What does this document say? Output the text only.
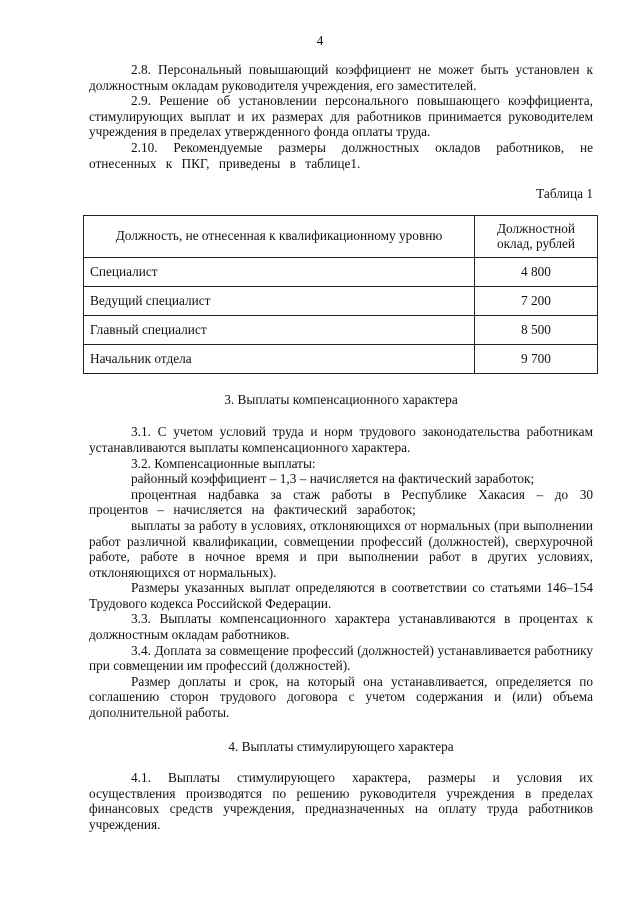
4

2.8. Персональный повышающий коэффициент не может быть установлен к должностным окладам руководителя учреждения, его заместителей.

2.9. Решение об установлении персонального повышающего коэффициента, стимулирующих выплат и их размерах для работников принимается руководителем учреждения в пределах утвержденного фонда оплаты труда.

2.10. Рекомендуемые размеры должностных окладов работников, не отнесенных к ПКГ, приведены в таблице1.

Таблица 1

Должность, не отнесенная к квалификационному уровню	Должностной оклад, рублей
Специалист	4 800
Ведущий специалист	7 200
Главный специалист	8 500
Начальник отдела	9 700
3. Выплаты компенсационного характера

3.1. С учетом условий труда и норм трудового законодательства работникам устанавливаются выплаты компенсационного характера.

3.2. Компенсационные выплаты:

районный коэффициент – 1,3 – начисляется на фактический заработок;

процентная надбавка за стаж работы в Республике Хакасия – до 30 процентов – начисляется на фактический заработок;

выплаты за работу в условиях, отклоняющихся от нормальных (при выполнении работ различной квалификации, совмещении профессий (должностей), сверхурочной работе, работе в ночное время и при выполнении работ в других условиях, отклоняющихся от нормальных).

Размеры указанных выплат определяются в соответствии со статьями 146–154 Трудового кодекса Российской Федерации.

3.3. Выплаты компенсационного характера устанавливаются в процентах к должностным окладам работников.

3.4. Доплата за совмещение профессий (должностей) устанавливается работнику при совмещении им профессий (должностей).

Размер доплаты и срок, на который она устанавливается, определяется по соглашению сторон трудового договора с учетом содержания и (или) объема дополнительной работы.

4. Выплаты стимулирующего характера

4.1. Выплаты стимулирующего характера, размеры и условия их осуществления производятся по решению руководителя учреждения в пределах финансовых средств учреждения, предназначенных на оплату труда работников учреждения.
